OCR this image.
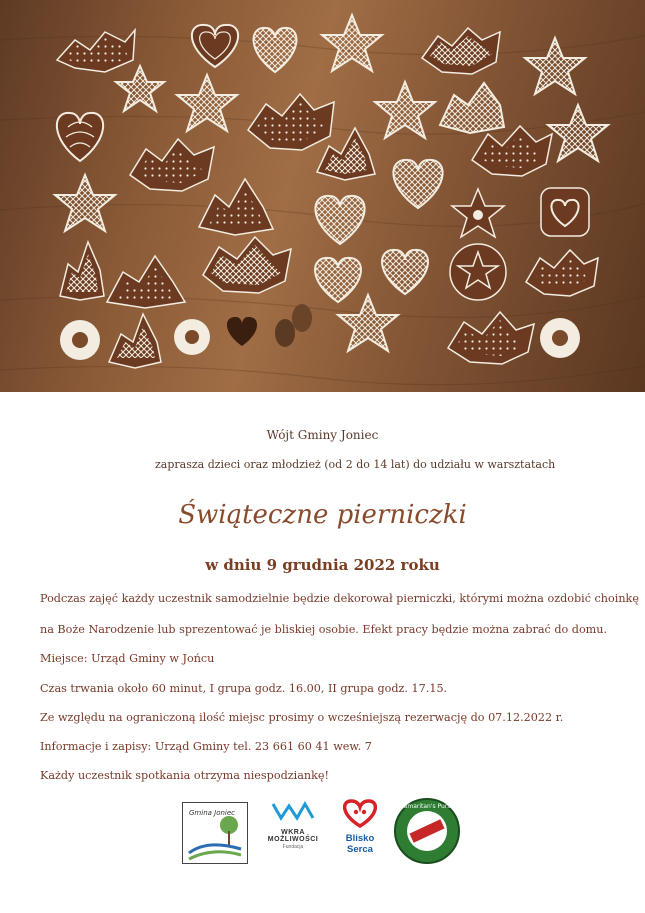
Wójt Gminy Joniec
zaprasza dzieci oraz młodzież (od 2 do 14 lat) do udziału w warsztatach
Świąteczne pierniczki
w dniu 9 grudnia 2022 roku
Podczas zajęć każdy uczestnik samodzielnie będzie dekorował pierniczki, którymi można ozdobić choinkę
na Boże Narodzenie lub sprezentować je bliskiej osobie. Efekt pracy będzie można zabrać do domu.
Miejsce: Urząd Gminy w Jońcu
Czas trwania około 60 minut, I grupa godz. 16.00, II grupa godz. 17.15.
Ze względu na ograniczoną ilość miejsc prosimy o wcześniejszą rezerwację do 07.12.2022 r.
Informacje i zapisy: Urząd Gminy tel. 23 661 60 41 wew. 7
Każdy uczestnik spotkania otrzyma niespodziankę!
Gmina Joniec
WKRA MOŻLIWOŚCI
Fundacja
Blisko
Serca
Samaritan's Purse
